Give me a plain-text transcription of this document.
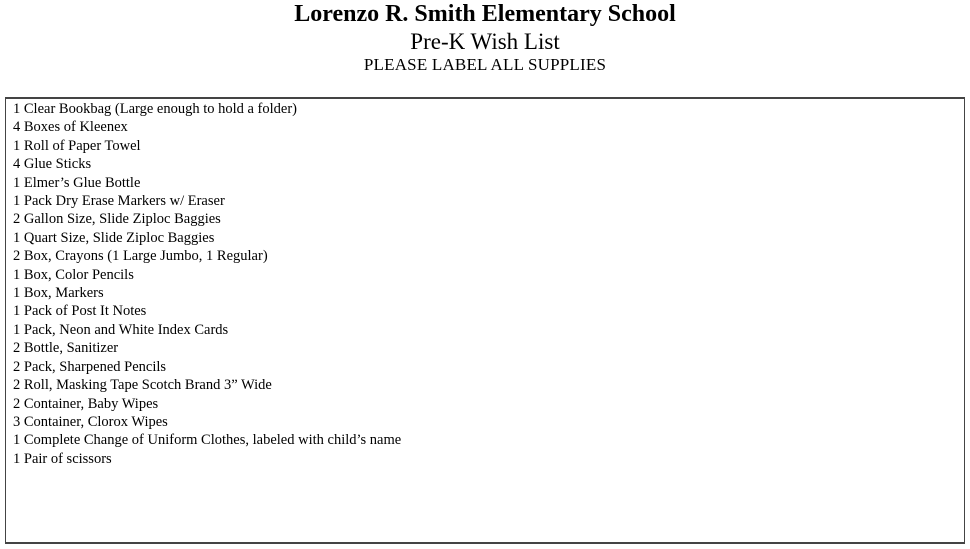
Lorenzo R. Smith Elementary School
Pre-K Wish List
PLEASE LABEL ALL SUPPLIES
1 Clear Bookbag (Large enough to hold a folder)
4 Boxes of Kleenex
1 Roll of Paper Towel
4 Glue Sticks
1 Elmer’s Glue Bottle
1 Pack Dry Erase Markers w/ Eraser
2 Gallon Size, Slide Ziploc Baggies
1 Quart Size, Slide Ziploc Baggies
2 Box, Crayons (1 Large Jumbo, 1 Regular)
1 Box, Color Pencils
1 Box, Markers
1 Pack of Post It Notes
1 Pack, Neon and White Index Cards
2 Bottle, Sanitizer
2 Pack, Sharpened Pencils
2 Roll, Masking Tape Scotch Brand 3” Wide
2 Container, Baby Wipes
3 Container, Clorox Wipes
1 Complete Change of Uniform Clothes, labeled with child’s name
1 Pair of scissors
